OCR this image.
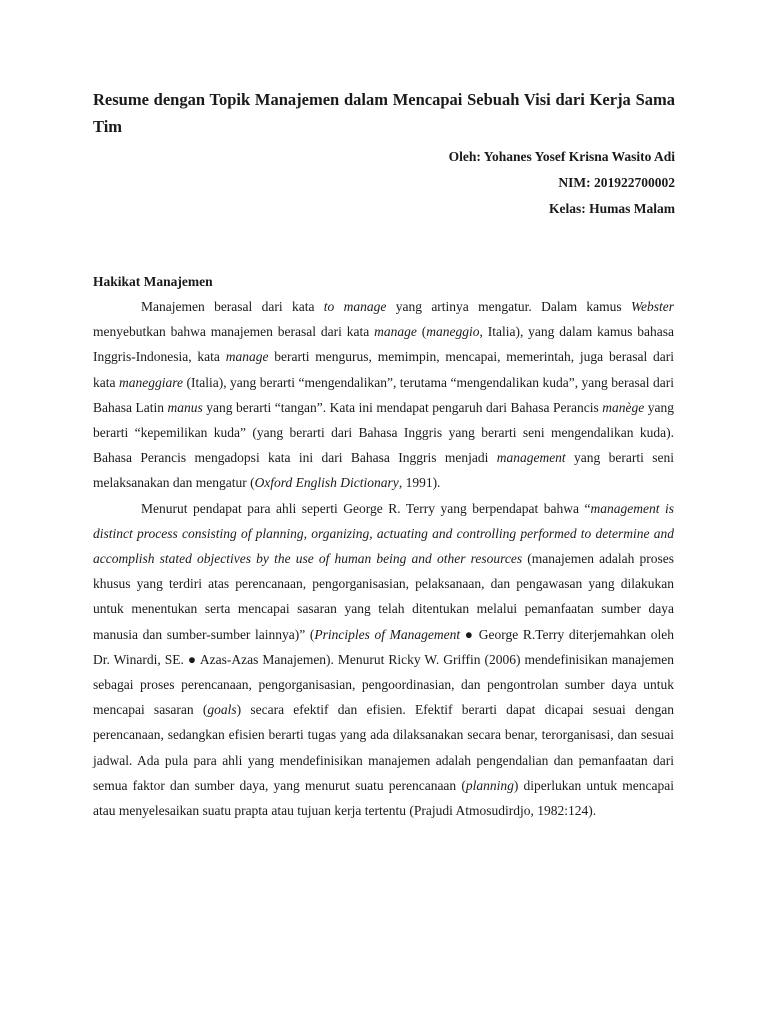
Resume dengan Topik Manajemen dalam Mencapai Sebuah Visi dari Kerja Sama Tim
Oleh: Yohanes Yosef Krisna Wasito Adi
NIM: 201922700002
Kelas: Humas Malam
Hakikat Manajemen

Manajemen berasal dari kata to manage yang artinya mengatur. Dalam kamus Webster menyebutkan bahwa manajemen berasal dari kata manage (maneggio, Italia), yang dalam kamus bahasa Inggris-Indonesia, kata manage berarti mengurus, memimpin, mencapai, memerintah, juga berasal dari kata maneggiare (Italia), yang berarti “mengendalikan”, terutama “mengendalikan kuda”, yang berasal dari Bahasa Latin manus yang berarti “tangan”. Kata ini mendapat pengaruh dari Bahasa Perancis manège yang berarti “kepemilikan kuda” (yang berarti dari Bahasa Inggris yang berarti seni mengendalikan kuda). Bahasa Perancis mengadopsi kata ini dari Bahasa Inggris menjadi management yang berarti seni melaksanakan dan mengatur (Oxford English Dictionary, 1991).

Menurut pendapat para ahli seperti George R. Terry yang berpendapat bahwa “management is distinct process consisting of planning, organizing, actuating and controlling performed to determine and accomplish stated objectives by the use of human being and other resources (manajemen adalah proses khusus yang terdiri atas perencanaan, pengorganisasian, pelaksanaan, dan pengawasan yang dilakukan untuk menentukan serta mencapai sasaran yang telah ditentukan melalui pemanfaatan sumber daya manusia dan sumber-sumber lainnya)” (Principles of Management ● George R.Terry diterjemahkan oleh Dr. Winardi, SE. ● Azas-Azas Manajemen). Menurut Ricky W. Griffin (2006) mendefinisikan manajemen sebagai proses perencanaan, pengorganisasian, pengoordinasian, dan pengontrolan sumber daya untuk mencapai sasaran (goals) secara efektif dan efisien. Efektif berarti dapat dicapai sesuai dengan perencanaan, sedangkan efisien berarti tugas yang ada dilaksanakan secara benar, terorganisasi, dan sesuai jadwal. Ada pula para ahli yang mendefinisikan manajemen adalah pengendalian dan pemanfaatan dari semua faktor dan sumber daya, yang menurut suatu perencanaan (planning) diperlukan untuk mencapai atau menyelesaikan suatu prapta atau tujuan kerja tertentu (Prajudi Atmosudirdjo, 1982:124).
